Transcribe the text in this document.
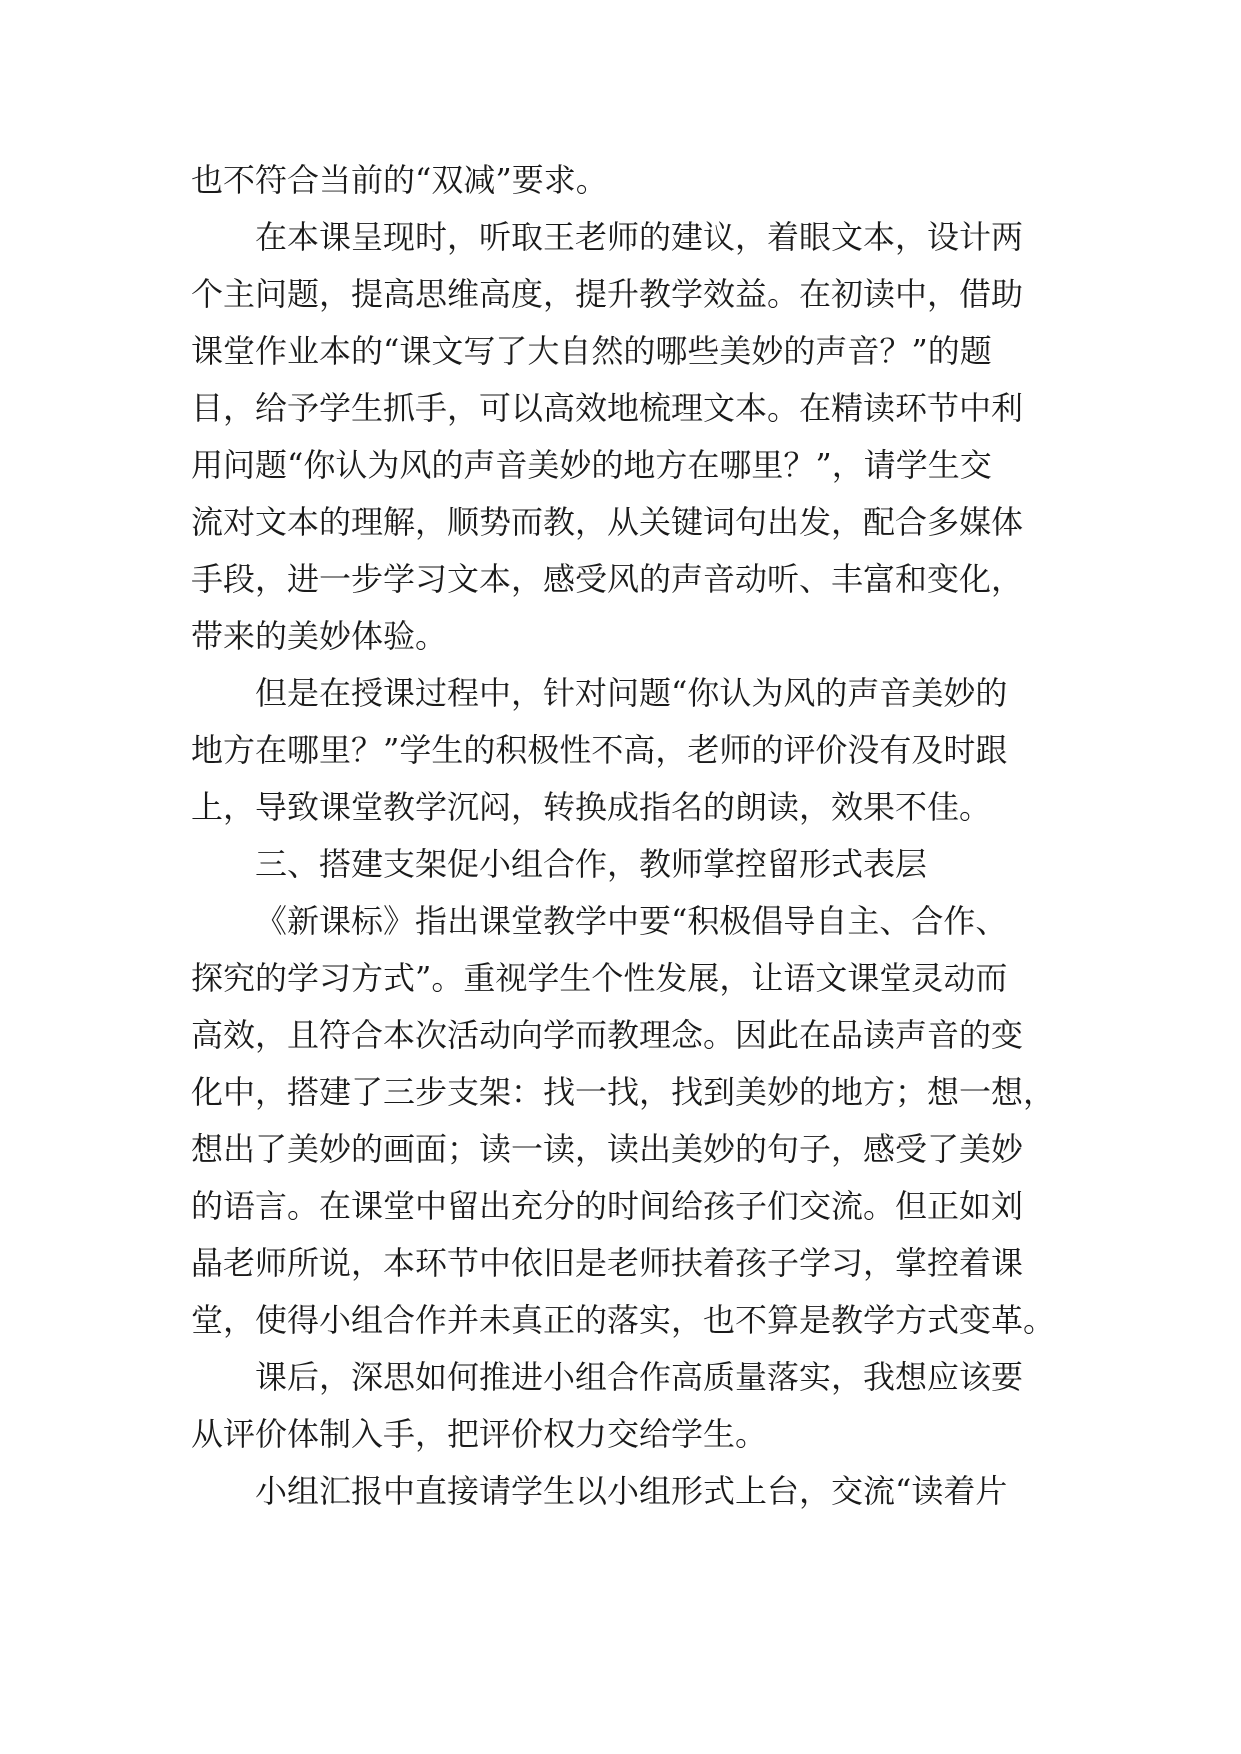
也不符合当前的“双减”要求。
在本课呈现时，听取王老师的建议，着眼文本，设计两
个主问题，提高思维高度，提升教学效益。在初读中，借助
课堂作业本的“课文写了大自然的哪些美妙的声音？”的题
目，给予学生抓手，可以高效地梳理文本。在精读环节中利
用问题“你认为风的声音美妙的地方在哪里？”，请学生交
流对文本的理解，顺势而教，从关键词句出发，配合多媒体
手段，进一步学习文本，感受风的声音动听、丰富和变化，
带来的美妙体验。
但是在授课过程中，针对问题“你认为风的声音美妙的
地方在哪里？”学生的积极性不高，老师的评价没有及时跟
上，导致课堂教学沉闷，转换成指名的朗读，效果不佳。
三、搭建支架促小组合作，教师掌控留形式表层
《新课标》指出课堂教学中要“积极倡导自主、合作、
探究的学习方式”。重视学生个性发展，让语文课堂灵动而
高效，且符合本次活动向学而教理念。因此在品读声音的变
化中，搭建了三步支架：找一找，找到美妙的地方；想一想，
想出了美妙的画面；读一读，读出美妙的句子，感受了美妙
的语言。在课堂中留出充分的时间给孩子们交流。但正如刘
晶老师所说，本环节中依旧是老师扶着孩子学习，掌控着课
堂，使得小组合作并未真正的落实，也不算是教学方式变革。
课后，深思如何推进小组合作高质量落实，我想应该要
从评价体制入手，把评价权力交给学生。
小组汇报中直接请学生以小组形式上台，交流“读着片
